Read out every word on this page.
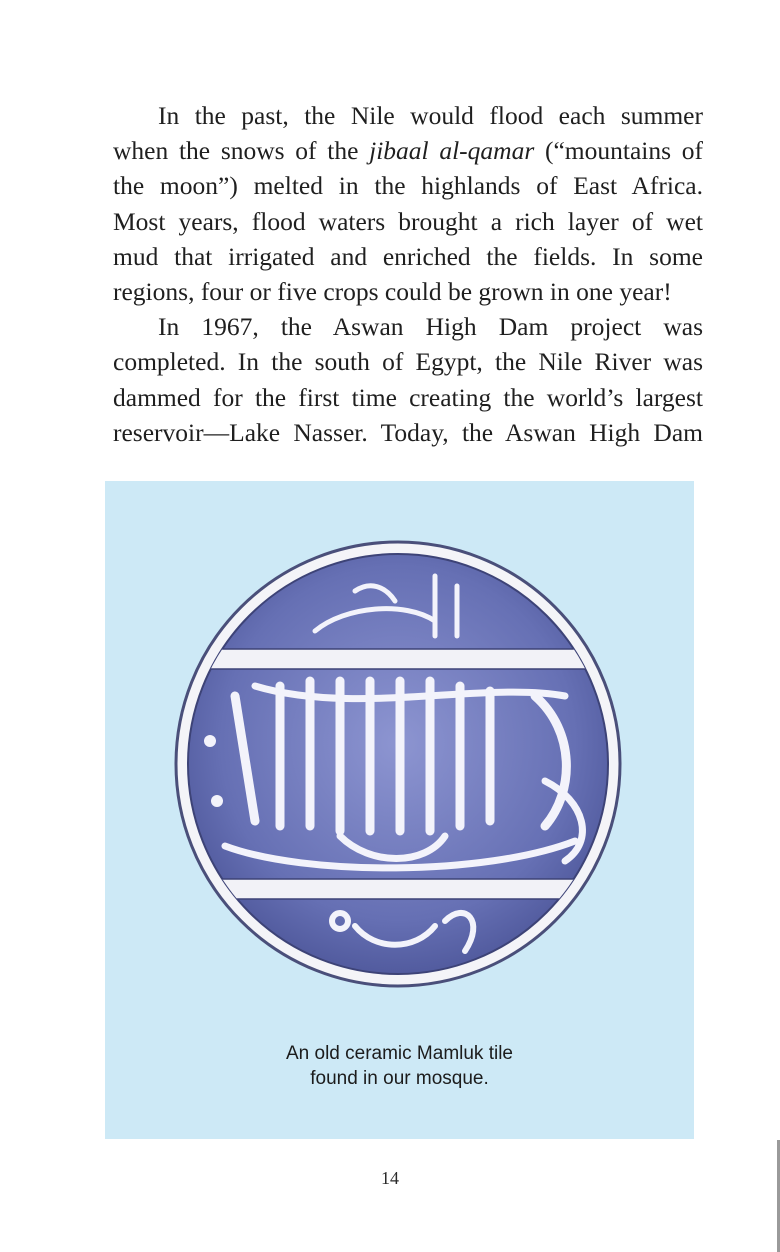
In the past, the Nile would flood each summer
when the snows of the jibaal al-qamar (“mountains of
the moon”) melted in the highlands of East Africa.
Most years, flood waters brought a rich layer of wet
mud that irrigated and enriched the fields. In some
regions, four or five crops could be grown in one year!
In 1967, the Aswan High Dam project was
completed. In the south of Egypt, the Nile River was
dammed for the first time creating the world’s largest
reservoir—Lake Nasser. Today, the Aswan High Dam
An old ceramic Mamluk tile
found in our mosque.
14
